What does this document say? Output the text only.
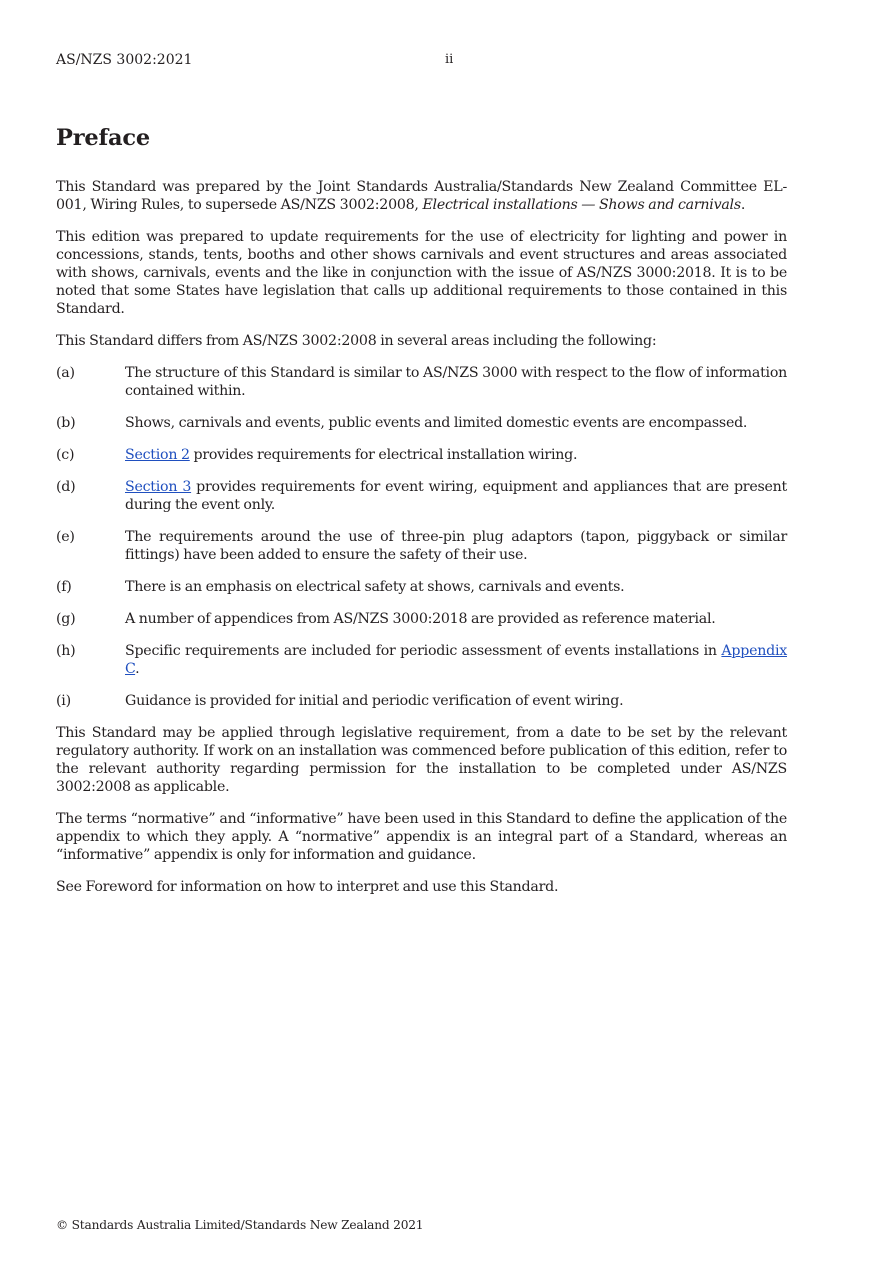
AS/NZS 3002:2021	ii
Preface

This Standard was prepared by the Joint Standards Australia/Standards New Zealand Committee EL-001, Wiring Rules, to supersede AS/NZS 3002:2008, Electrical installations — Shows and carnivals.

This edition was prepared to update requirements for the use of electricity for lighting and power in concessions, stands, tents, booths and other shows carnivals and event structures and areas associated with shows, carnivals, events and the like in conjunction with the issue of AS/NZS 3000:2018. It is to be noted that some States have legislation that calls up additional requirements to those contained in this Standard.

This Standard differs from AS/NZS 3002:2008 in several areas including the following:

(a)	The structure of this Standard is similar to AS/NZS 3000 with respect to the flow of information contained within.
(b)	Shows, carnivals and events, public events and limited domestic events are encompassed.
(c)	Section 2 provides requirements for electrical installation wiring.
(d)	Section 3 provides requirements for event wiring, equipment and appliances that are present during the event only.
(e)	The requirements around the use of three-pin plug adaptors (tapon, piggyback or similar fittings) have been added to ensure the safety of their use.
(f)	There is an emphasis on electrical safety at shows, carnivals and events.
(g)	A number of appendices from AS/NZS 3000:2018 are provided as reference material.
(h)	Specific requirements are included for periodic assessment of events installations in Appendix C.
(i)	Guidance is provided for initial and periodic verification of event wiring.

This Standard may be applied through legislative requirement, from a date to be set by the relevant regulatory authority. If work on an installation was commenced before publication of this edition, refer to the relevant authority regarding permission for the installation to be completed under AS/NZS 3002:2008 as applicable.

The terms “normative” and “informative” have been used in this Standard to define the application of the appendix to which they apply. A “normative” appendix is an integral part of a Standard, whereas an “informative” appendix is only for information and guidance.

See Foreword for information on how to interpret and use this Standard.

© Standards Australia Limited/Standards New Zealand 2021
